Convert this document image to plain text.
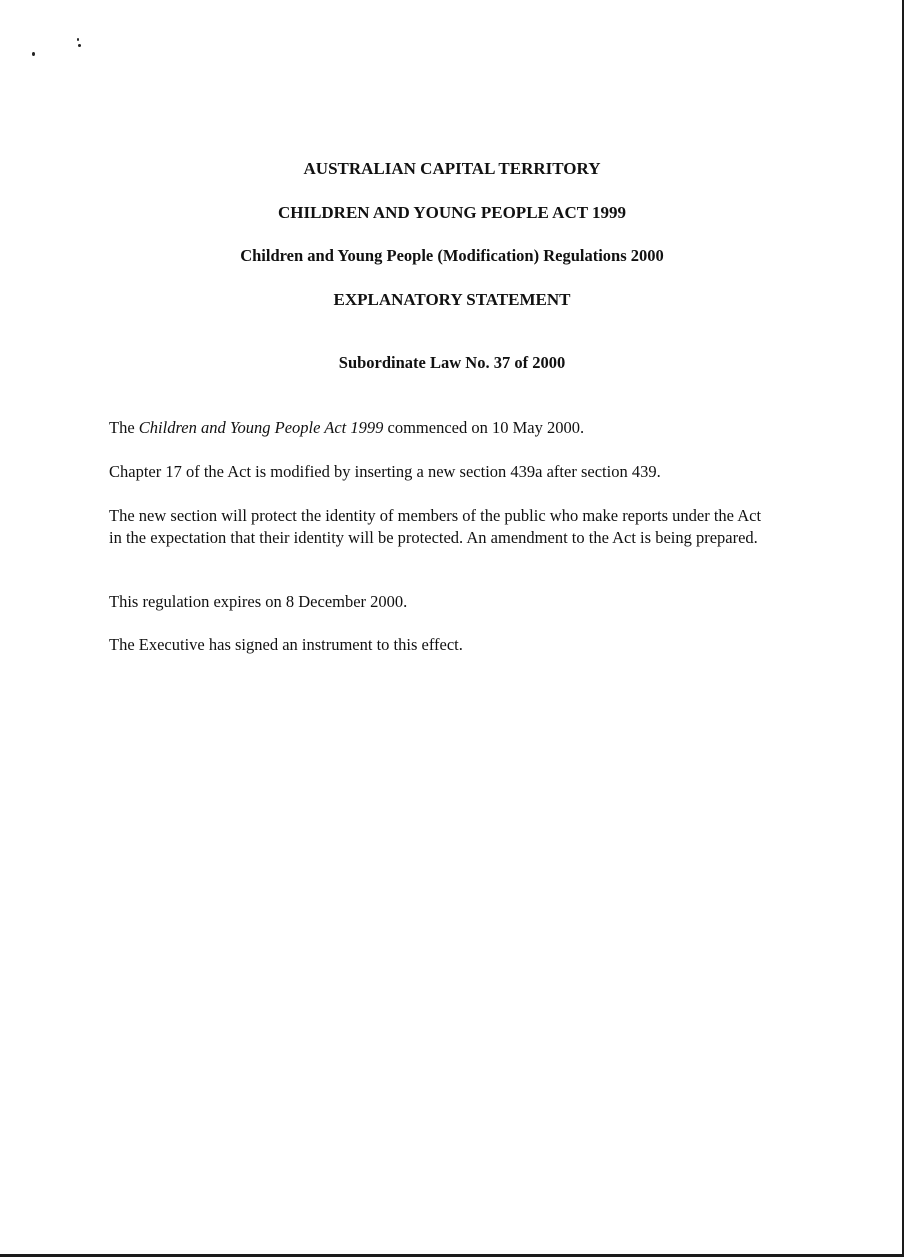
AUSTRALIAN CAPITAL TERRITORY
CHILDREN AND YOUNG PEOPLE ACT 1999
Children and Young People (Modification) Regulations 2000
EXPLANATORY STATEMENT
Subordinate Law No. 37 of 2000
The Children and Young People Act 1999 commenced on 10 May 2000.
Chapter 17 of the Act is modified by inserting a new section 439a after section 439.
The new section will protect the identity of members of the public who make reports under the Act in the expectation that their identity will be protected. An amendment to the Act is being prepared.
This regulation expires on 8 December 2000.
The Executive has signed an instrument to this effect.
